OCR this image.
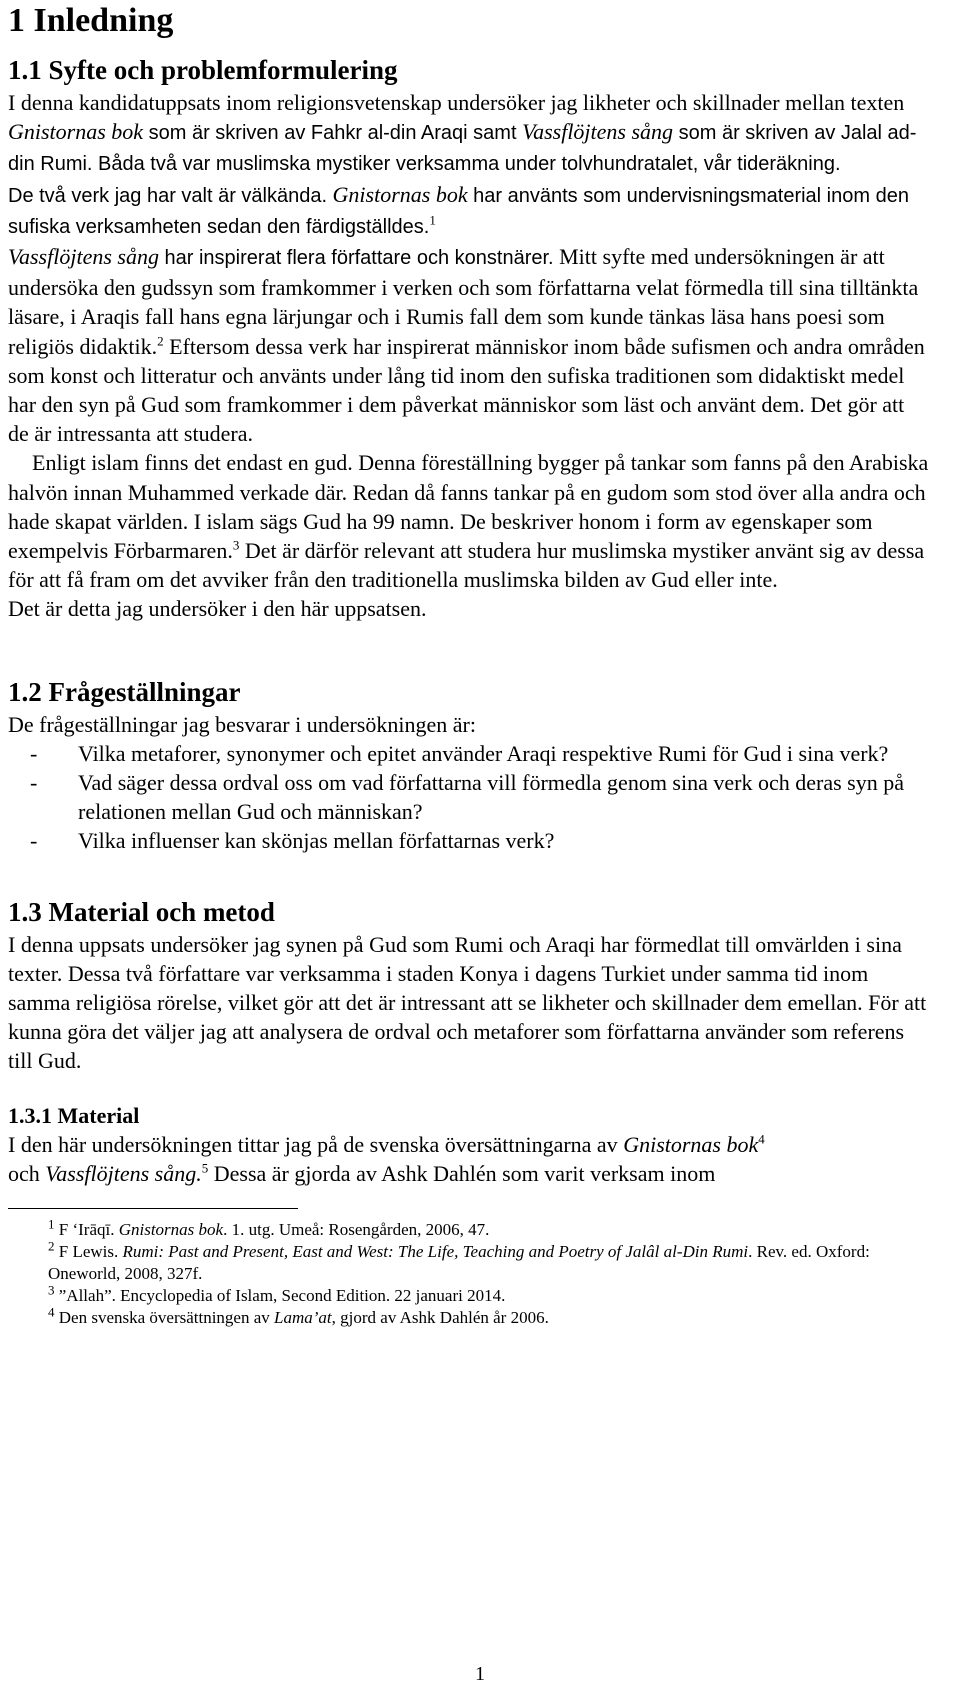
1 Inledning
1.1 Syfte och problemformulering

I denna kandidatuppsats inom religionsvetenskap undersöker jag likheter och skillnader mellan texten Gnistornas bok som är skriven av Fahkr al-din Araqi samt Vassflöjtens sång som är skriven av Jalal ad-din Rumi. Båda två var muslimska mystiker verksamma under tolvhundratalet, vår tideräkning.

De två verk jag har valt är välkända. Gnistornas bok har använts som undervisningsmaterial inom den sufiska verksamheten sedan den färdigställdes.$^1$
Vassflöjtens sång har inspirerat flera författare och konstnärer. Mitt syfte med undersökningen är att undersöka den gudssyn som framkommer i verken och som författarna velat förmedla till sina tilltänkta läsare, i Araqis fall hans egna lärjungar och i Rumis fall dem som kunde tänkas läsa hans poesi som religiös didaktik.$^2$ Eftersom dessa verk har inspirerat människor inom både sufismen och andra områden som konst och litteratur och använts under lång tid inom den sufiska traditionen som didaktiskt medel har den syn på Gud som framkommer i dem påverkat människor som läst och använt dem. Det gör att de är intressanta att studera.

Enligt islam finns det endast en gud. Denna föreställning bygger på tankar som fanns på den Arabiska halvön innan Muhammed verkade där. Redan då fanns tankar på en gudom som stod över alla andra och hade skapat världen. I islam sägs Gud ha 99 namn. De beskriver honom i form av egenskaper som exempelvis Förbarmaren.$^3$ Det är därför relevant att studera hur muslimska mystiker använt sig av dessa för att få fram om det avviker från den traditionella muslimska bilden av Gud eller inte.

Det är detta jag undersöker i den här uppsatsen.

1.2 Frågeställningar

De frågeställningar jag besvarar i undersökningen är:

- Vilka metaforer, synonymer och epitet använder Araqi respektive Rumi för Gud i sina verk?
- Vad säger dessa ordval oss om vad författarna vill förmedla genom sina verk och deras syn på relationen mellan Gud och människan?
- Vilka influenser kan skönjas mellan författarnas verk?
1.3 Material och metod

I denna uppsats undersöker jag synen på Gud som Rumi och Araqi har förmedlat till omvärlden i sina texter. Dessa två författare var verksamma i staden Konya i dagens Turkiet under samma tid inom samma religiösa rörelse, vilket gör att det är intressant att se likheter och skillnader dem emellan. För att kunna göra det väljer jag att analysera de ordval och metaforer som författarna använder som referens till Gud.

1.3.1 Material

I den här undersökningen tittar jag på de svenska översättningarna av Gnistornas bok$^4$
och Vassflöjtens sång.$^5$ Dessa är gjorda av Ashk Dahlén som varit verksam inom

$^1$ F ‘Irāqī. Gnistornas bok. 1. utg. Umeå: Rosengården, 2006, 47.

$^2$ F Lewis. Rumi: Past and Present, East and West: The Life, Teaching and Poetry of Jalâl al-Din Rumi. Rev. ed. Oxford: Oneworld, 2008, 327f.

$^3$ ”Allah”. Encyclopedia of Islam, Second Edition. 22 januari 2014.

$^4$ Den svenska översättningen av Lama’at, gjord av Ashk Dahlén år 2006.

1
